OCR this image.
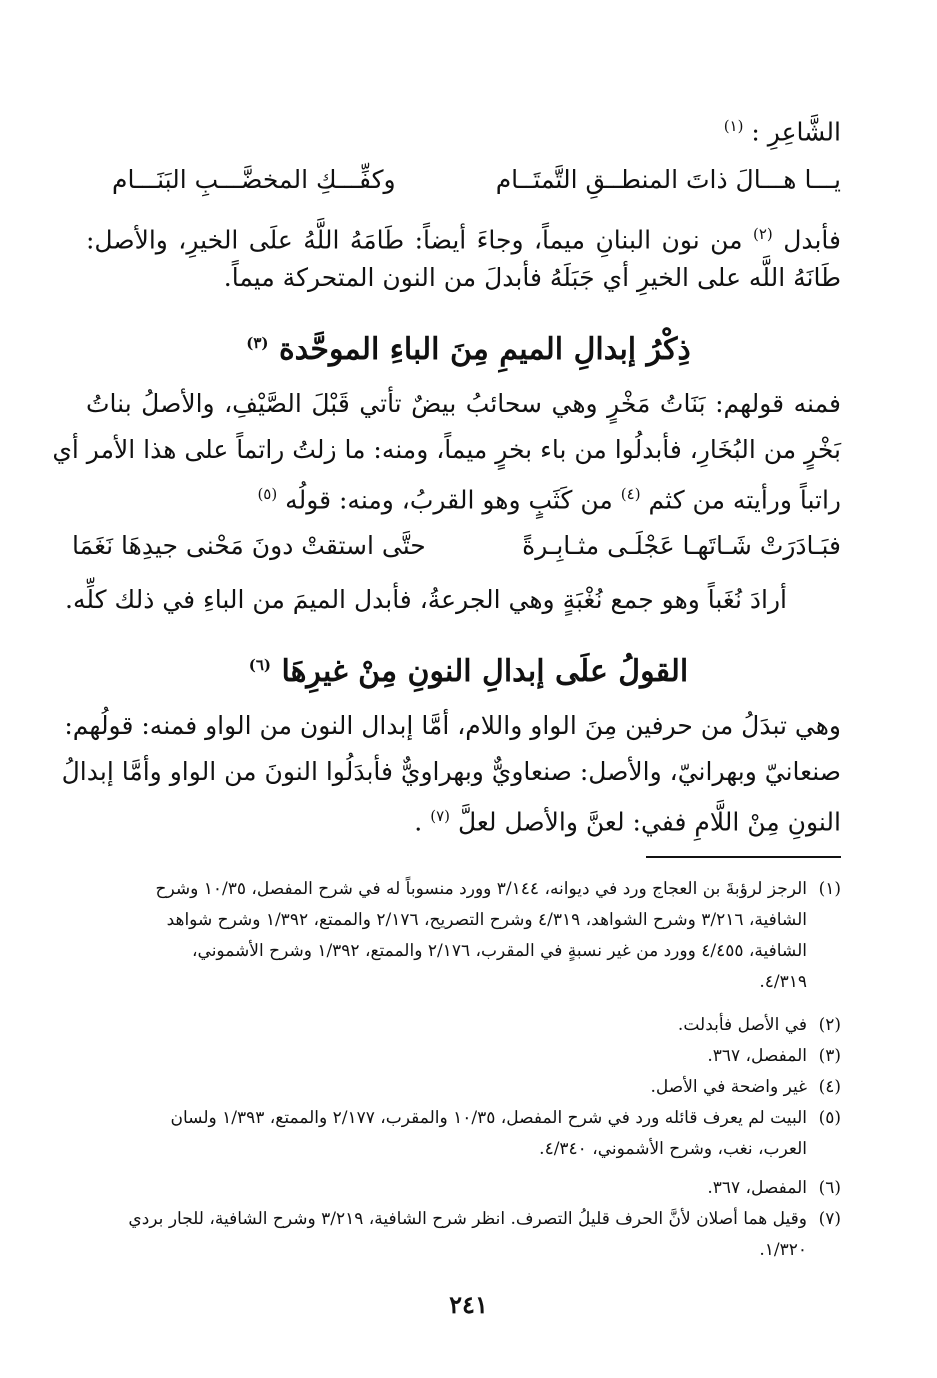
الشَّاعِرِ : $^{(١)}$
يـــا هـــالَ ذاتَ المنطــقِ التَّمتَــام
وكفِّـــكِ المخضَّـــبِ البَنَـــام
فأبدل $^{(٢)}$ من نون البنانِ ميماً، وجاءَ أيضاً: طَامَهُ اللَّهُ علَى الخيرِ، والأصل:
طَانَهُ اللَّه على الخيرِ أي جَبَلَهُ فأبدلَ من النون المتحركة ميماً.
ذِكْرُ إبدالِ الميمِ مِنَ الباءِ الموحَّدة $^{(٣)}$
فمنه قولهم: بَنَاتُ مَخْرٍ وهي سحائبُ بيضٌ تأتي قَبْلَ الصَّيْفِ، والأصلُ بناتُ
بَخْرٍ من البُخَارِ، فأبدلُوا من باء بخرٍ ميماً، ومنه: ما زلتُ راتماً على هذا الأمر أي
راتباً ورأيته من كثم $^{(٤)}$ من كَثَبٍ وهو القربُ، ومنه: قولُه $^{(٥)}$
فبَـادَرَتْ شَـاتَهـا عَجْلَـى مثـابِـرةً
حتَّى استقتْ دونَ مَحْنى جيدِهَا نَغَمَا
أرادَ نُغَباً وهو جمع نُغْبَةٍ وهي الجرعةُ، فأبدل الميمَ من الباءِ في ذلك كلِّه.
القولُ علَى إبدالِ النونِ مِنْ غيرِهَا $^{(٦)}$
وهي تبدَلُ من حرفين مِنَ الواو واللام، أمَّا إبدال النون من الواو فمنه: قولُهم:
صنعانيّ وبهرانيّ، والأصل: صنعاويٌّ وبهراويٌّ فأبدَلُوا النونَ من الواو وأمَّا إبدالُ
النونِ مِنْ اللَّامِ ففي: لعنَّ والأصل لعلَّ $^{(٧)}$ .
(١)الرجز لرؤبةَ بن العجاج ورد في ديوانه، ٣/١٤٤ وورد منسوباً له في شرح المفصل، ١٠/٣٥ وشرح
الشافية، ٣/٢١٦ وشرح الشواهد، ٤/٣١٩ وشرح التصريح، ٢/١٧٦ والممتع، ١/٣٩٢ وشرح شواهد
الشافية، ٤/٤٥٥ وورد من غير نسبةٍ في المقرب، ٢/١٧٦ والممتع، ١/٣٩٢ وشرح الأشموني،
٤/٣١٩.
(٢)في الأصل فأبدلت.
(٣)المفصل، ٣٦٧.
(٤)غير واضحة في الأصل.
(٥)البيت لم يعرف قائله ورد في شرح المفصل، ١٠/٣٥ والمقرب، ٢/١٧٧ والممتع، ١/٣٩٣ ولسان
العرب، نغب، وشرح الأشموني، ٤/٣٤٠.
(٦)المفصل، ٣٦٧.
(٧)وقيل هما أصلان لأنَّ الحرف قليلُ التصرف. انظر شرح الشافية، ٣/٢١٩ وشرح الشافية، للجار بردي
١/٣٢٠.
٢٤١
